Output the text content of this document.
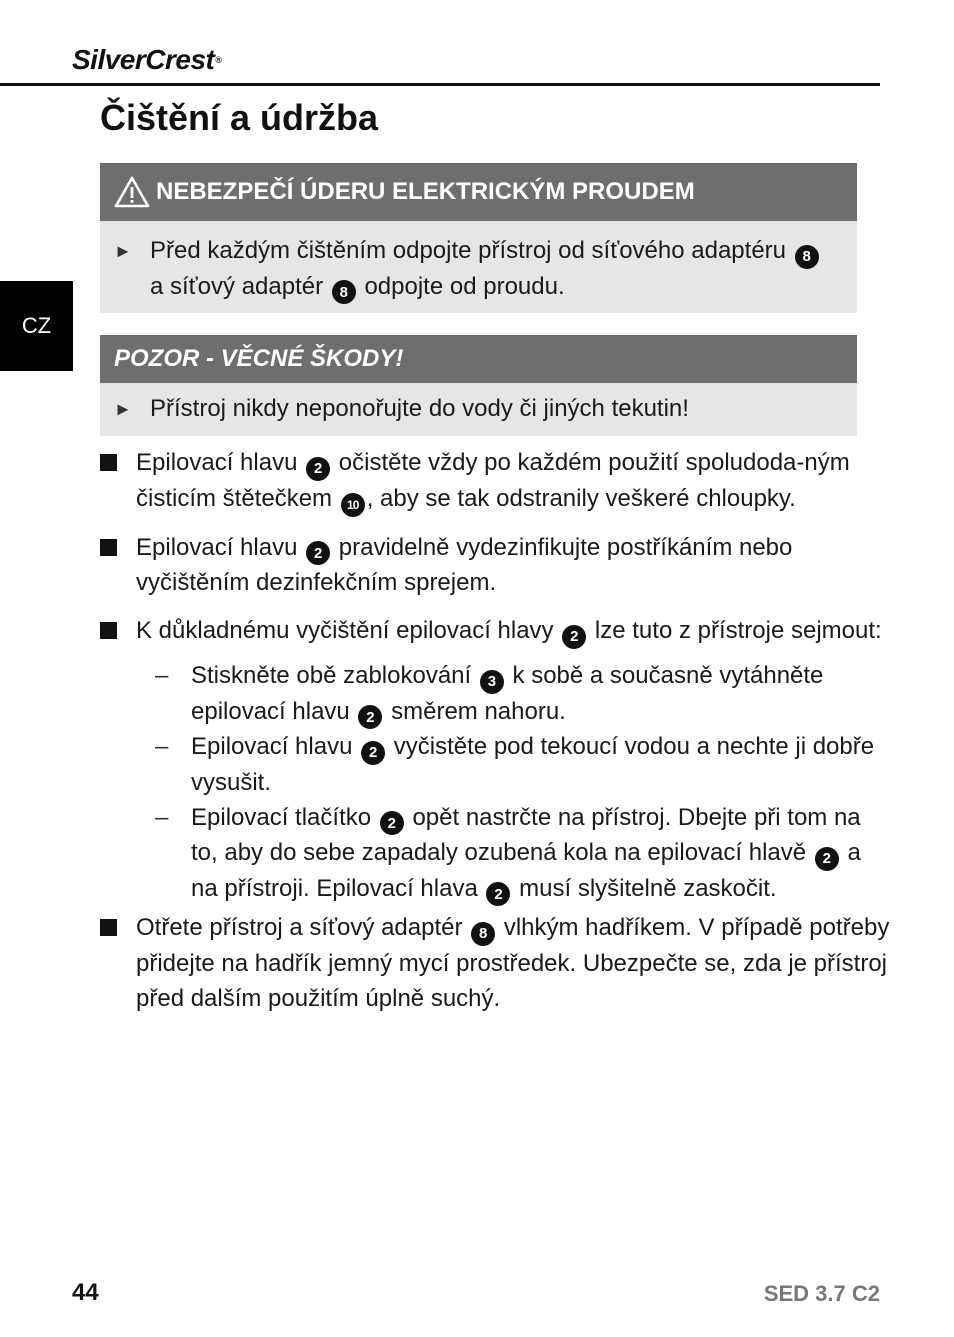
SilverCrest®
Čištění a údržba
CZ
NEBEZPEČÍ ÚDERU ELEKTRICKÝM PROUDEM
► Před každým čištěním odpojte přístroj od síťového adaptéru 8
a síťový adaptér 8 odpojte od proudu.
POZOR - VĚCNÉ ŠKODY!
► Přístroj nikdy neponořujte do vody či jiných tekutin!
Epilovací hlavu 2 očistěte vždy po každém použití spoludoda-ným čisticím štětečkem 10 , aby se tak odstranily veškeré chloupky.
Epilovací hlavu 2 pravidelně vydezinfikujte postříkáním nebo vyčištěním dezinfekčním sprejem.
K důkladnému vyčištění epilovací hlavy 2 lze tuto z přístroje sejmout:
– Stiskněte obě zablokování 3 k sobě a současně vytáhněte epilovací hlavu 2 směrem nahoru.
– Epilovací hlavu 2 vyčistěte pod tekoucí vodou a nechte ji dobře vysušit.
– Epilovací tlačítko 2 opět nastrčte na přístroj. Dbejte při tom na to, aby do sebe zapadaly ozubená kola na epilovací hlavě 2 a na přístroji. Epilovací hlava 2 musí slyšitelně zaskočit.
Otřete přístroj a síťový adaptér 8 vlhkým hadříkem. V případě potřeby přidejte na hadřík jemný mycí prostředek. Ubezpečte se, zda je přístroj před dalším použitím úplně suchý.
44	SED 3.7 C2
